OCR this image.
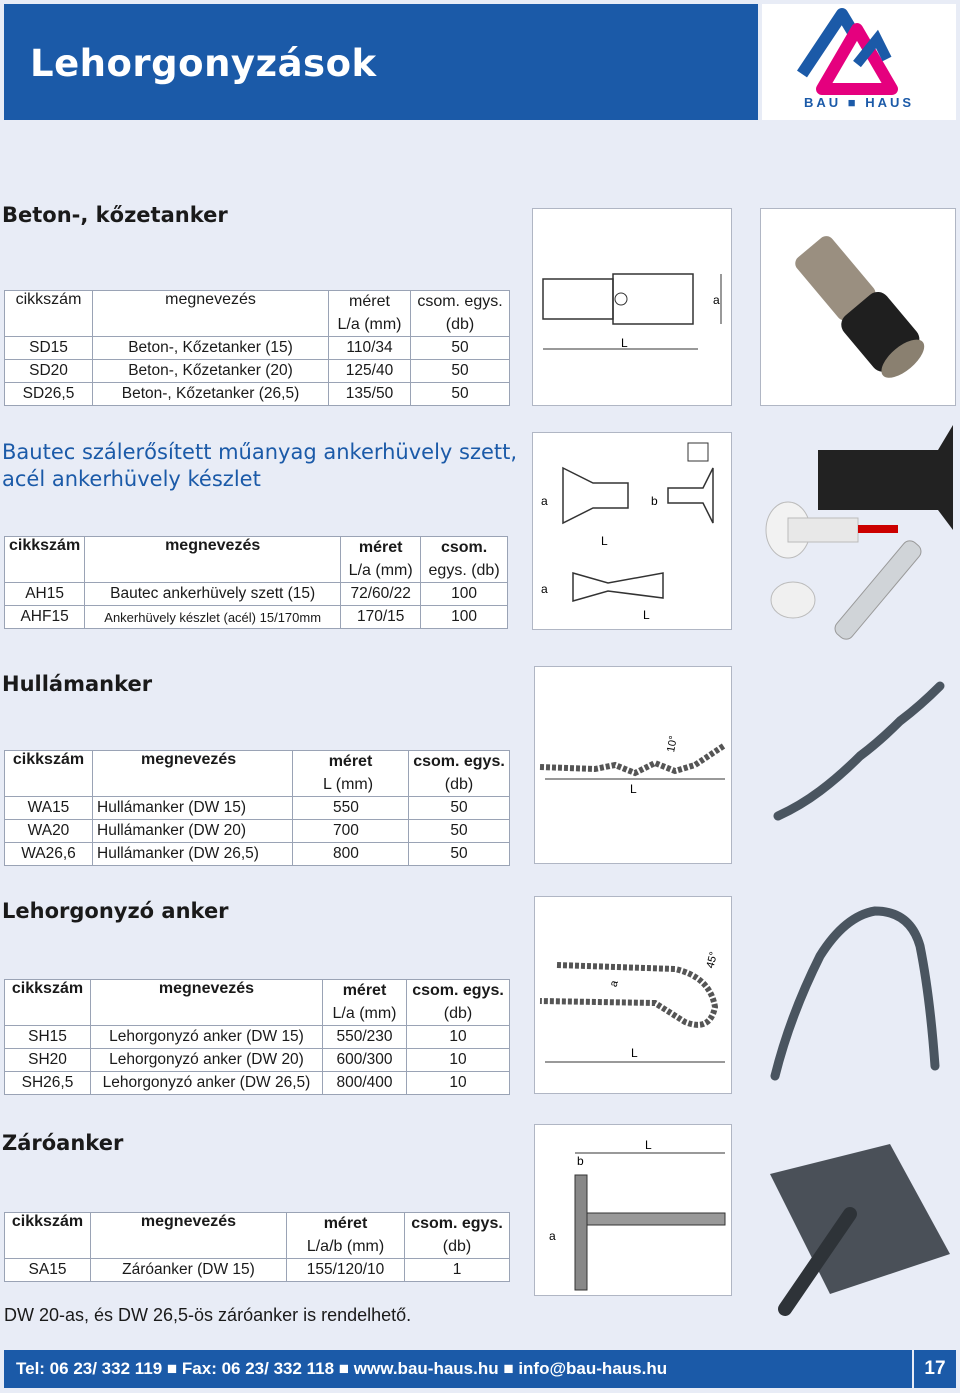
Lehorgonyzások
BAU ■ HAUS
Beton-, kőzetanker
cikkszám	megnevezés	méret	csom. egys.
		L/a (mm)	(db)
SD15	Beton-, Kőzetanker (15)	110/34	50
SD20	Beton-, Kőzetanker (20)	125/40	50
SD26,5	Beton-, Kőzetanker (26,5)	135/50	50
L
a
Bautec szálerősített műanyag ankerhüvely szett,
acél ankerhüvely készlet
cikkszám	megnevezés	méret	csom.
		L/a (mm)	egys. (db)
AH15	Bautec ankerhüvely szett (15)	72/60/22	100
AHF15	Ankerhüvely készlet (acél) 15/170mm	170/15	100
a	b
L
a
L
Hullámanker
cikkszám	megnevezés	méret	csom. egys.
		L (mm)	(db)
WA15	Hullámanker (DW 15)	550	50
WA20	Hullámanker (DW 20)	700	50
WA26,6	Hullámanker (DW 26,5)	800	50
L
10°
Lehorgonyzó anker
cikkszám	megnevezés	méret	csom. egys.
		L/a (mm)	(db)
SH15	Lehorgonyzó anker (DW 15)	550/230	10
SH20	Lehorgonyzó anker (DW 20)	600/300	10
SH26,5	Lehorgonyzó anker (DW 26,5)	800/400	10
L
a
45°
Záróanker
cikkszám	megnevezés	méret	csom. egys.
		L/a/b (mm)	(db)
SA15	Záróanker (DW 15)	155/120/10	1
L
b
a
DW 20-as, és DW 26,5-ös záróanker is rendelhető.
Tel: 06 23/ 332 119 ■ Fax: 06 23/ 332 118 ■ www.bau-haus.hu ■ info@bau-haus.hu	17
